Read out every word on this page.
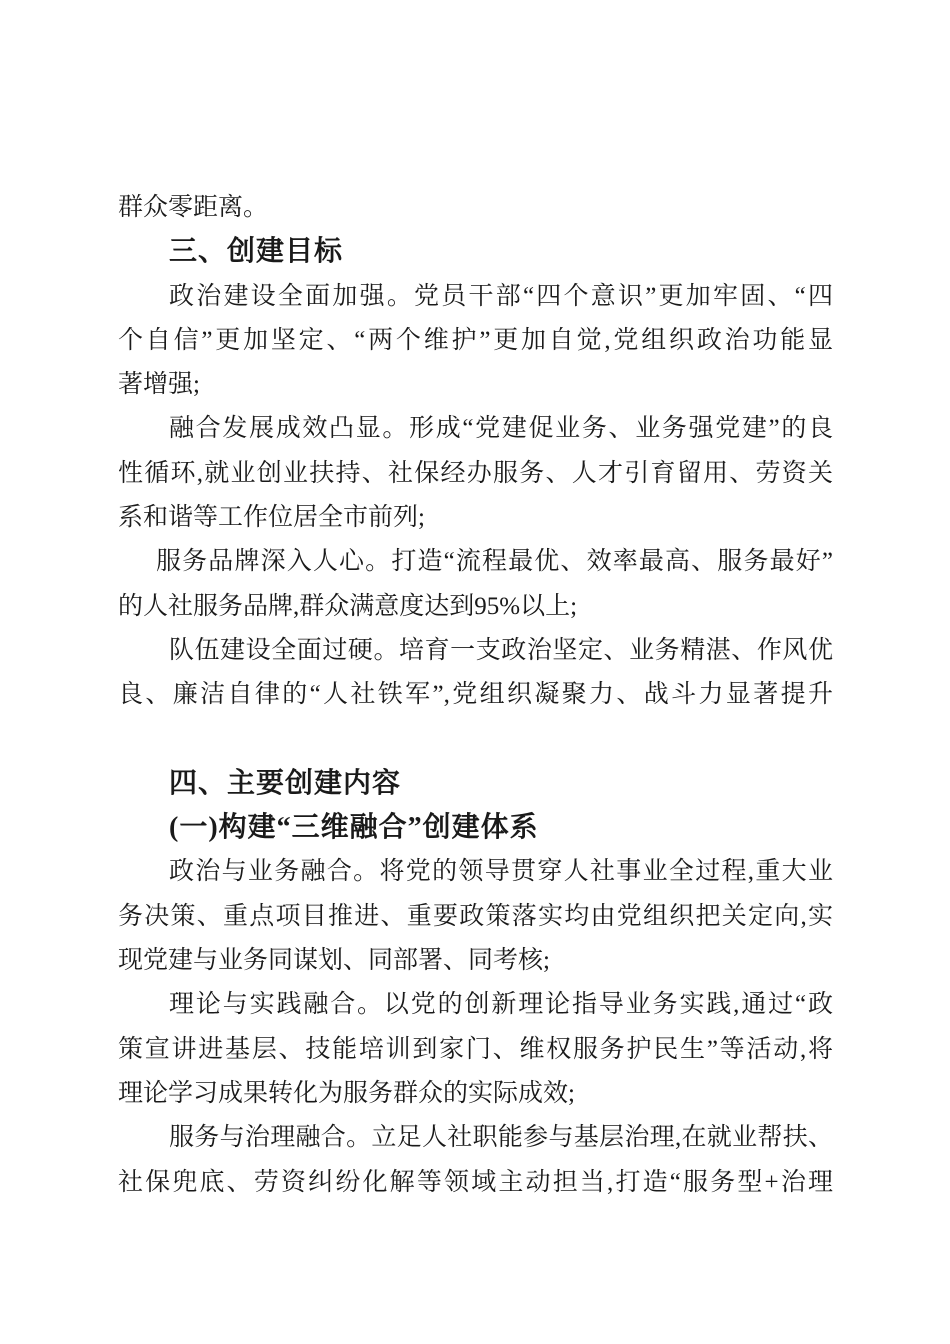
群众零距离。
三、创建目标
政治建设全面加强。党员干部“四个意识”更加牢固、“四
个自信”更加坚定、“两个维护”更加自觉,党组织政治功能显
著增强;
融合发展成效凸显。形成“党建促业务、业务强党建”的良
性循环,就业创业扶持、社保经办服务、人才引育留用、劳资关
系和谐等工作位居全市前列;
服务品牌深入人心。打造“流程最优、效率最高、服务最好”
的人社服务品牌,群众满意度达到95%以上;
队伍建设全面过硬。培育一支政治坚定、业务精湛、作风优
良、廉洁自律的“人社铁军”,党组织凝聚力、战斗力显著提升
四、主要创建内容
(一)构建“三维融合”创建体系
政治与业务融合。将党的领导贯穿人社事业全过程,重大业
务决策、重点项目推进、重要政策落实均由党组织把关定向,实
现党建与业务同谋划、同部署、同考核;
理论与实践融合。以党的创新理论指导业务实践,通过“政
策宣讲进基层、技能培训到家门、维权服务护民生”等活动,将
理论学习成果转化为服务群众的实际成效;
服务与治理融合。立足人社职能参与基层治理,在就业帮扶、
社保兜底、劳资纠纷化解等领域主动担当,打造“服务型+治理
